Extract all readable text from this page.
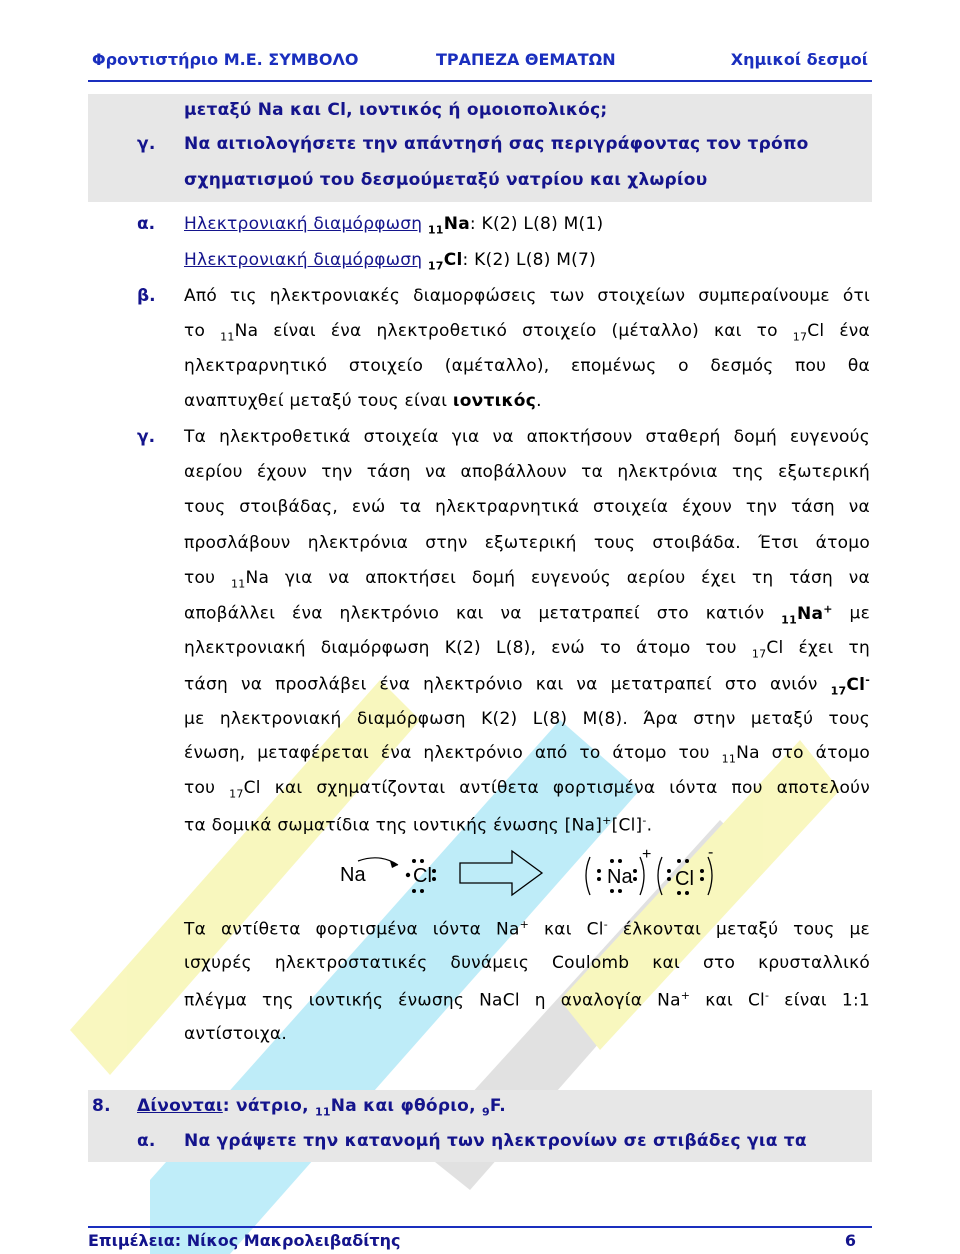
Φροντιστήριο Μ.Ε. ΣΥΜΒΟΛΟ	ΤΡΑΠΕΖΑ ΘΕΜΑΤΩΝ	Χημικοί δεσμοί
μεταξύ Na και Cl, ιοντικός ή ομοιοπολικός;
γ. Να αιτιολογήσετε την απάντησή σας περιγράφοντας τον τρόπο
σχηματισμού του δεσμούμεταξύ νατρίου και χλωρίου
α. Ηλεκτρονιακή διαμόρφωση $_{11}$Na: K(2) L(8) M(1)
Ηλεκτρονιακή διαμόρφωση $_{17}$Cl: K(2) L(8) M(7)
β. Από τις ηλεκτρονιακές διαμορφώσεις των στοιχείων συμπεραίνουμε ότι
το $_{11}$Na είναι ένα ηλεκτροθετικό στοιχείο (μέταλλο) και το $_{17}$Cl ένα
ηλεκτραρνητικό στοιχείο (αμέταλλο), επομένως ο δεσμός που θα
αναπτυχθεί μεταξύ τους είναι ιοντικός.
γ. Τα ηλεκτροθετικά στοιχεία για να αποκτήσουν σταθερή δομή ευγενούς
αερίου έχουν την τάση να αποβάλλουν τα ηλεκτρόνια της εξωτερική
τους στοιβάδας, ενώ τα ηλεκτραρνητικά στοιχεία έχουν την τάση να
προσλάβουν ηλεκτρόνια στην εξωτερική τους στοιβάδα. Έτσι άτομο
του $_{11}$Na για να αποκτήσει δομή ευγενούς αερίου έχει τη τάση να
αποβάλλει ένα ηλεκτρόνιο και να μετατραπεί στο κατιόν $_{11}$Na+ με
ηλεκτρονιακή διαμόρφωση K(2) L(8), ενώ το άτομο του $_{17}$Cl έχει τη
τάση να προσλάβει ένα ηλεκτρόνιο και να μετατραπεί στο ανιόν $_{17}$Cl-
με ηλεκτρονιακή διαμόρφωση K(2) L(8) M(8). Άρα στην μεταξύ τους
ένωση, μεταφέρεται ένα ηλεκτρόνιο από το άτομο του $_{11}$Na στο άτομο
του $_{17}$Cl και σχηματίζονται αντίθετα φορτισμένα ιόντα που αποτελούν
τα δομικά σωματίδια της ιοντικής ένωσης [Na]+[Cl]-.
Na Cl	Na
+
Cl
-
Τα αντίθετα φορτισμένα ιόντα Na+ και Cl- έλκονται μεταξύ τους με
ισχυρές ηλεκτροστατικές δυνάμεις Coulomb και στο κρυσταλλικό
πλέγμα της ιοντικής ένωσης NaCl η αναλογία Na+ και Cl- είναι 1:1
αντίστοιχα.
8. Δίνονται: νάτριο, $_{11}$Na και φθόριο, $_9$F.
α. Να γράψετε την κατανομή των ηλεκτρονίων σε στιβάδες για τα
Επιμέλεια: Νίκος Μακρολειβαδίτης	6
